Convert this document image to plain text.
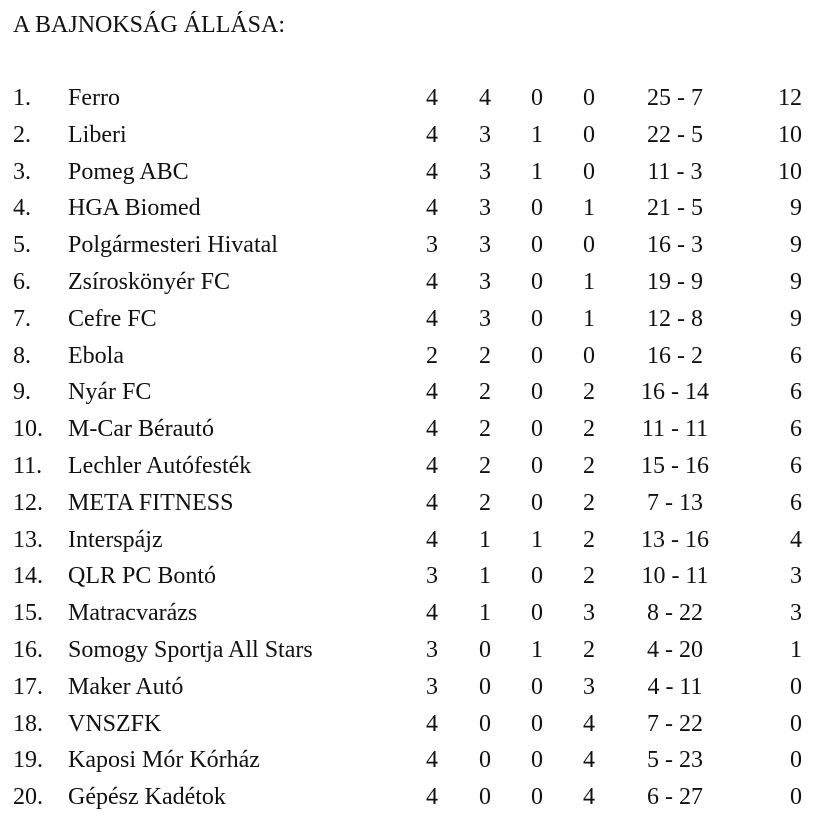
A BAJNOKSÁG ÁLLÁSA:
1. Ferro	4 4 0 0	25 - 7	12
2. Liberi	4 3 1 0	22 - 5	10
3. Pomeg ABC	4 3 1 0	11 - 3	10
4. HGA Biomed	4 3 0 1	21 - 5	9
5. Polgármesteri Hivatal	3 3 0 0	16 - 3	9
6. Zsíroskönyér FC	4 3 0 1	19 - 9	9
7. Cefre FC	4 3 0 1	12 - 8	9
8. Ebola	2 2 0 0	16 - 2	6
9. Nyár FC	4 2 0 2	16 - 14	6
10. M-Car Bérautó	4 2 0 2	11 - 11	6
11. Lechler Autófesték	4 2 0 2	15 - 16	6
12. META FITNESS	4 2 0 2	7 - 13	6
13. Interspájz	4 1 1 2	13 - 16	4
14. QLR PC Bontó	3 1 0 2	10 - 11	3
15. Matracvarázs	4 1 0 3	8 - 22	3
16. Somogy Sportja All Stars	3 0 1 2	4 - 20	1
17. Maker Autó	3 0 0 3	4 - 11	0
18. VNSZFK	4 0 0 4	7 - 22	0
19. Kaposi Mór Kórház	4 0 0 4	5 - 23	0
20. Gépész Kadétok	4 0 0 4	6 - 27	0
